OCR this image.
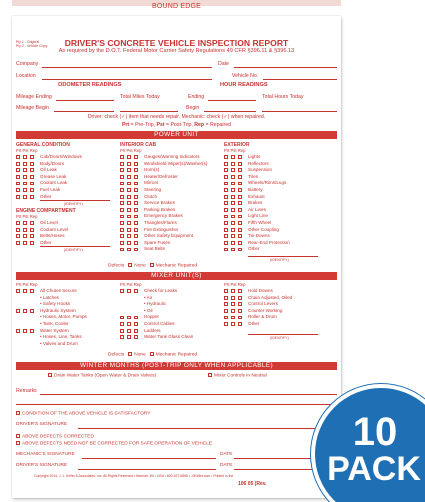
BOUND EDGE
Ply 1 - Original
Ply 2 - Vehicle Copy	DRIVER'S CONCRETE VEHICLE INSPECTION REPORT
As required by the D.O.T. Federal Motor Carrier Safety Regulations 49 CFR §396.11 & §396.13
Company	Date
Location	Vehicle No.
ODOMETER READINGS	HOUR READINGS
Mileage Ending	Total Miles Today	Ending	Total Hours Today
Mileage Begin	Begin
Driver: check (✓) item that needs repair. Mechanic: check (✓) when repaired.
Prt = Pre-Trip, Pst = Post-Trip, Rep = Repaired
POWER UNIT
GENERAL CONDITION
Prt Pst Rep
Cab/Doors/Windows
Body/Doors
Oil Leak
Grease Leak
Coolant Leak
Fuel Leak
Other
(IDENTIFY)
ENGINE COMPARTMENT
Prt Pst Rep
Oil Level
Coolant Level
Belts/Hoses
Other
(IDENTIFY)
INTERIOR CAB
Prt Pst Rep
Gauges/Warning Indicators
Windshield Wiper(s)/Washer(s)
Horn(s)
Heater/Defroster
Mirrors
Steering
Clutch
Service Brakes
Parking Brakes
Emergency Brakes
Triangles/Flares
Fire Extinguisher
Other Safety Equipment
Spare Fuses
Seat Belts
EXTERIOR
Prt Pst Rep
Lights
Reflectors
Suspension
Tires
Wheels/Rims/Lugs
Battery
Exhaust
Brakes
Air Lines
Light Line
Fifth Wheel
Other Coupling
Tie-Downs
Rear-End Protection
Other
(IDENTIFY)
Defects None Mechanic Repaired
MIXER UNIT(S)
Prt Pst Rep	Prt Pst Rep	Prt Pst Rep
All Chutes Secure
• Latches
• Safety Hooks
Hydraulic System
• Hoses, Motor, Pumps
• Tank, Cooler
Water System
• Hoses, Line, Tanks
• Valves and Drum
Check for Leaks
• Air
• Hydraulic
• Oil
Hopper
Control Cables
Ladders
Water Tank Glass Clean
Hold Downs
Chain Adjusted, Oiled
Control Levers
Counter Working
Roller & Drum
Other
(IDENTIFY)
Defects None Mechanic Repaired
WINTER MONTHS (POST-TRIP ONLY WHEN APPLICABLE)
Drain Water Tanks (Open Water & Drain Valves)	Mixer Controls in Neutral
Remarks
CONDITION OF THE ABOVE VEHICLE IS SATISFACTORY
DRIVER'S SIGNATURE
ABOVE DEFECTS CORRECTED
ABOVE DEFECTS NEED NOT BE CORRECTED FOR SAFE OPERATION OF VEHICLE
MECHANIC'S SIGNATURE	DATE
DRIVER'S SIGNATURE	DATE
Copyright 2014, J. J. Keller & Associates, Inc. All Rights Reserved • Neenah, WI • USA • 800-327-6868 • JJKeller.com • Printed in the
106 05 (Rev.
10
PACK
